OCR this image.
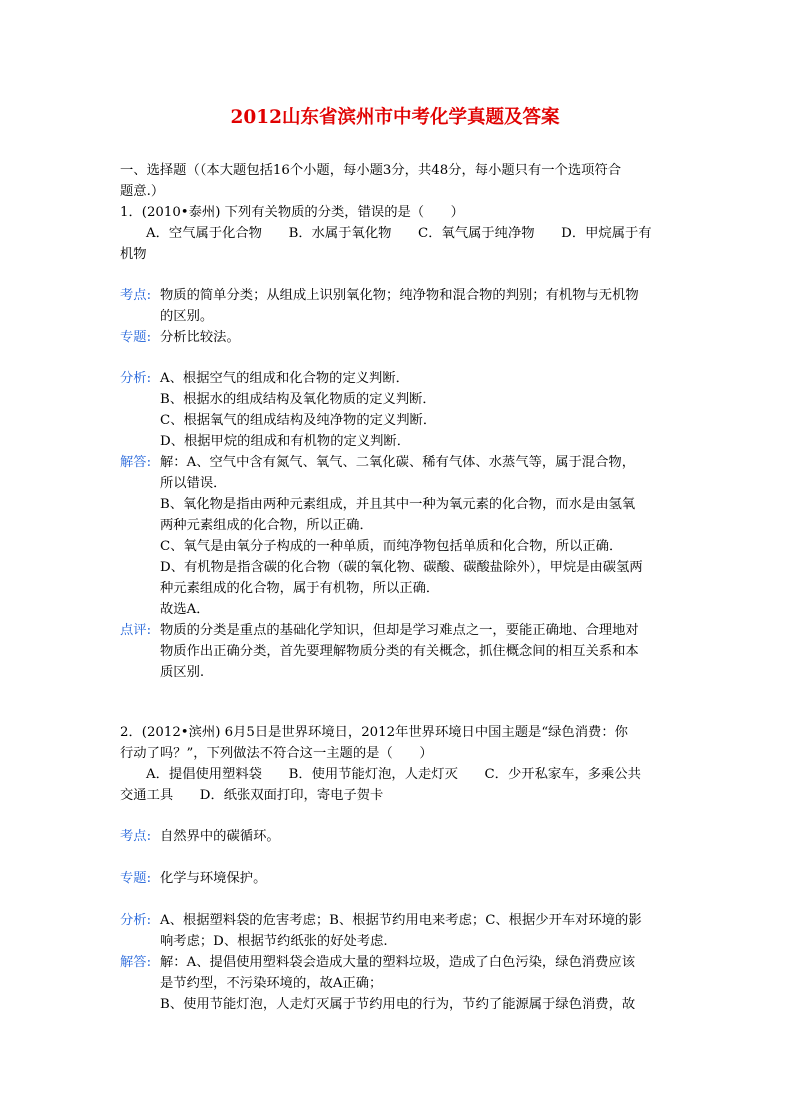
2012山东省滨州市中考化学真题及答案
一、选择题（（本大题包括16个小题，每小题3分，共48分，每小题只有一个选项符合
题意.）
1．(2010•泰州) 下列有关物质的分类，错误的是（　　）
A．空气属于化合物　　B．水属于氧化物　　C．氧气属于纯净物　　D．甲烷属于有
机物
考点: 物质的简单分类；从组成上识别氧化物；纯净物和混合物的判别；有机物与无机物
的区别。
专题: 分析比较法。
分析: A、根据空气的组成和化合物的定义判断．
B、根据水的组成结构及氧化物质的定义判断．
C、根据氧气的组成结构及纯净物的定义判断．
D、根据甲烷的组成和有机物的定义判断．
解答: 解：A、空气中含有氮气、氧气、二氧化碳、稀有气体、水蒸气等，属于混合物，
所以错误．
B、氧化物是指由两种元素组成，并且其中一种为氧元素的化合物，而水是由氢氧
两种元素组成的化合物，所以正确．
C、氧气是由氧分子构成的一种单质，而纯净物包括单质和化合物，所以正确．
D、有机物是指含碳的化合物（碳的氧化物、碳酸、碳酸盐除外），甲烷是由碳氢两
种元素组成的化合物，属于有机物，所以正确．
故选A．
点评: 物质的分类是重点的基础化学知识，但却是学习难点之一，要能正确地、合理地对
物质作出正确分类，首先要理解物质分类的有关概念，抓住概念间的相互关系和本
质区别.
2．(2012•滨州) 6月5日是世界环境日，2012年世界环境日中国主题是“绿色消费：你
行动了吗？”，下列做法不符合这一主题的是（　　）
A．提倡使用塑料袋　　B．使用节能灯泡，人走灯灭　　C．少开私家车，多乘公共
交通工具　　D．纸张双面打印，寄电子贺卡
考点: 自然界中的碳循环。
专题: 化学与环境保护。
分析: A、根据塑料袋的危害考虑；B、根据节约用电来考虑；C、根据少开车对环境的影
响考虑；D、根据节约纸张的好处考虑.
解答: 解：A、提倡使用塑料袋会造成大量的塑料垃圾，造成了白色污染，绿色消费应该
是节约型，不污染环境的，故A正确；
B、使用节能灯泡，人走灯灭属于节约用电的行为，节约了能源属于绿色消费，故
